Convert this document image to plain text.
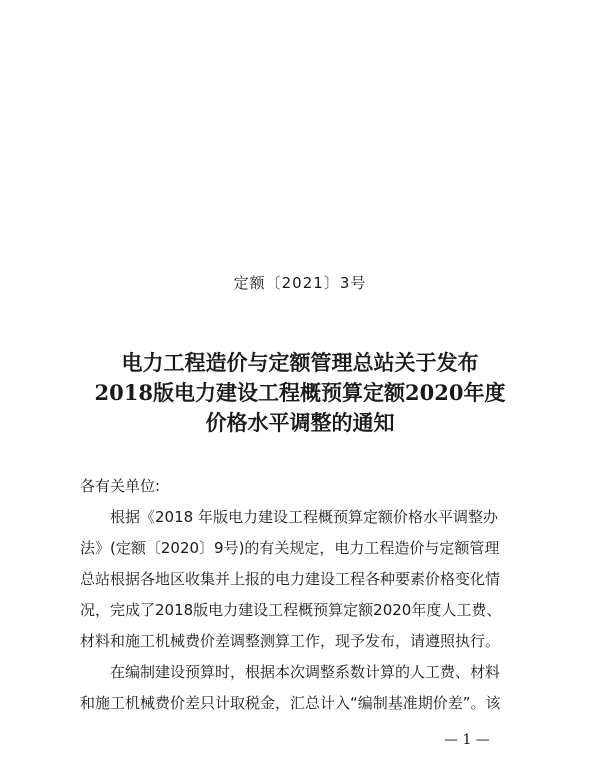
定额〔2021〕3号
电力工程造价与定额管理总站关于发布
2018版电力建设工程概预算定额2020年度
价格水平调整的通知
各有关单位:
根据《2018 年版电力建设工程概预算定额价格水平调整办
法》(定额〔2020〕9号)的有关规定，电力工程造价与定额管理
总站根据各地区收集并上报的电力建设工程各种要素价格变化情
况，完成了2018版电力建设工程概预算定额2020年度人工费、
材料和施工机械费价差调整测算工作，现予发布，请遵照执行。
在编制建设预算时，根据本次调整系数计算的人工费、材料
和施工机械费价差只计取税金，汇总计入“编制基准期价差”。该
— 1 —
